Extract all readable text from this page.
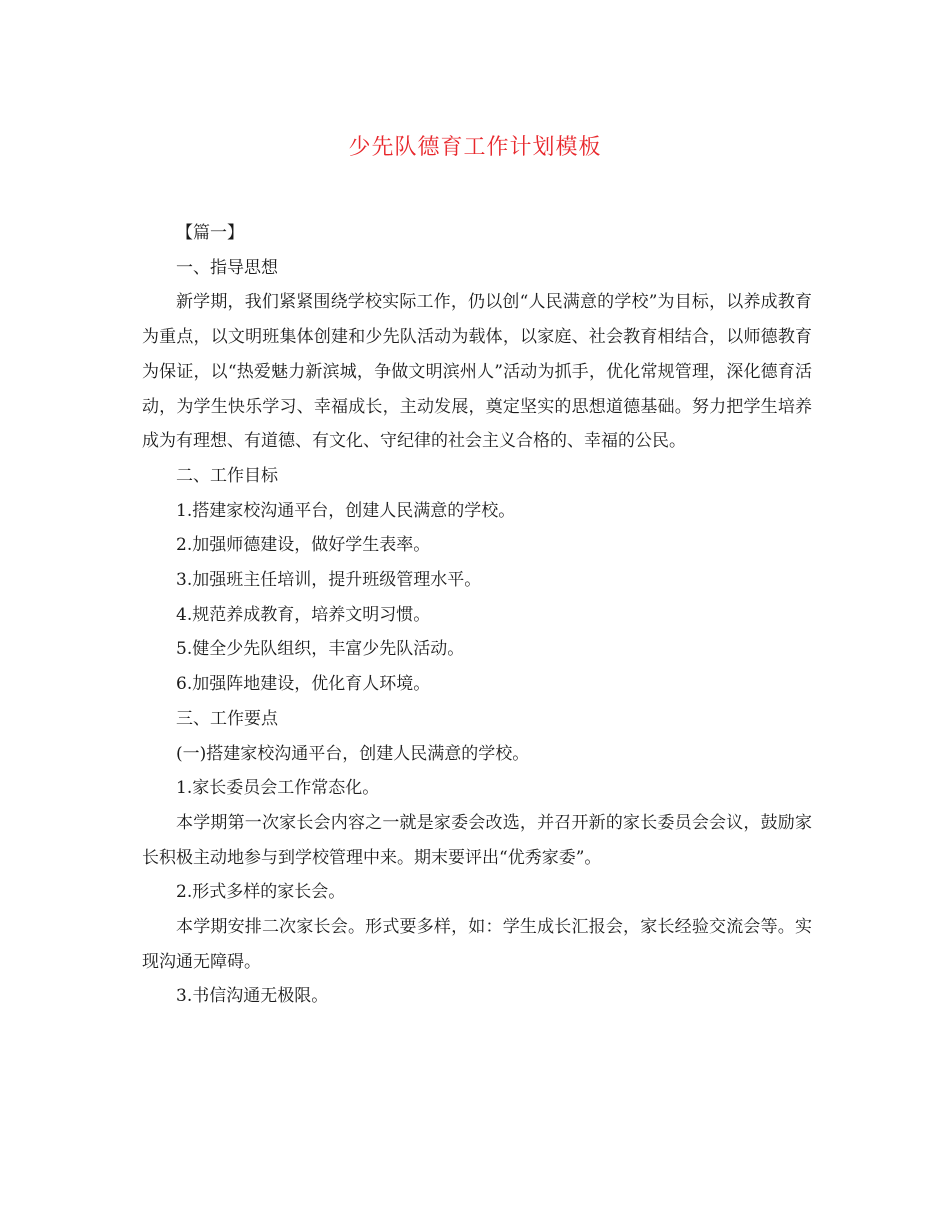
少先队德育工作计划模板

【篇一】

一、指导思想

新学期，我们紧紧围绕学校实际工作，仍以创“人民满意的学校”为目标，以养成教育为重点，以文明班集体创建和少先队活动为载体，以家庭、社会教育相结合，以师德教育为保证，以“热爱魅力新滨城，争做文明滨州人”活动为抓手，优化常规管理，深化德育活动，为学生快乐学习、幸福成长，主动发展，奠定坚实的思想道德基础。努力把学生培养成为有理想、有道德、有文化、守纪律的社会主义合格的、幸福的公民。

二、工作目标

1.搭建家校沟通平台，创建人民满意的学校。

2.加强师德建设，做好学生表率。

3.加强班主任培训，提升班级管理水平。

4.规范养成教育，培养文明习惯。

5.健全少先队组织，丰富少先队活动。

6.加强阵地建设，优化育人环境。

三、工作要点

(一)搭建家校沟通平台，创建人民满意的学校。

1.家长委员会工作常态化。

本学期第一次家长会内容之一就是家委会改选，并召开新的家长委员会会议，鼓励家长积极主动地参与到学校管理中来。期末要评出“优秀家委”。

2.形式多样的家长会。

本学期安排二次家长会。形式要多样，如：学生成长汇报会，家长经验交流会等。实现沟通无障碍。

3.书信沟通无极限。
